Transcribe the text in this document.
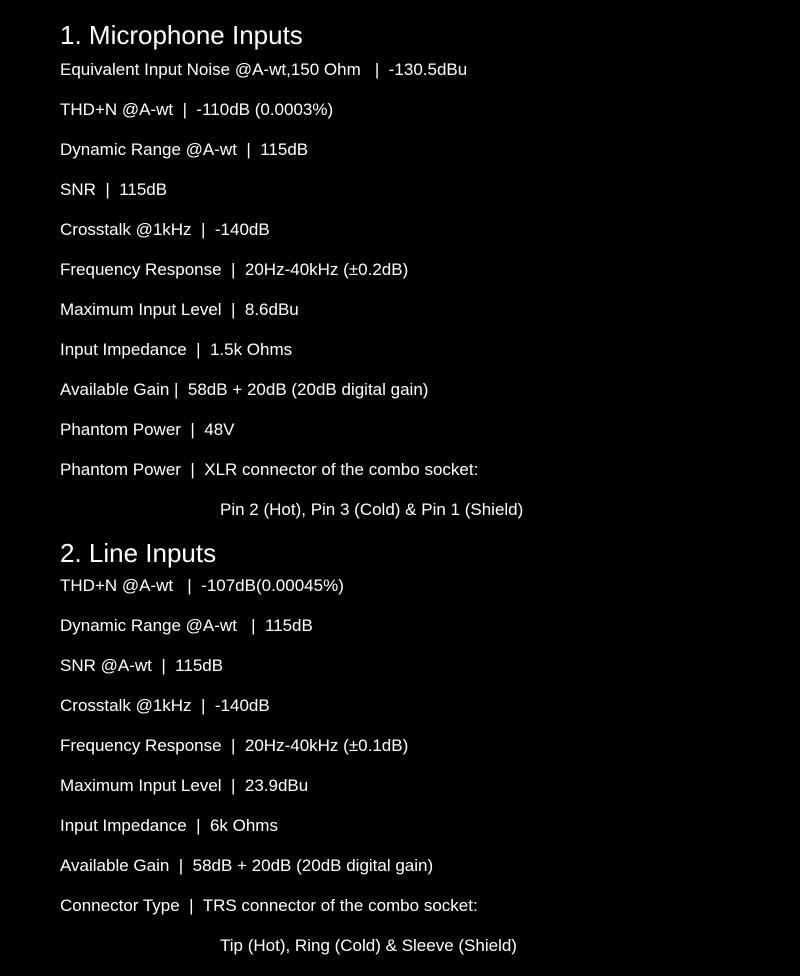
1. Microphone Inputs
Equivalent Input Noise @A-wt,150 Ohm   |  -130.5dBu
THD+N @A-wt  |  -110dB (0.0003%)
Dynamic Range @A-wt  |  115dB
SNR  |  115dB
Crosstalk @1kHz  |  -140dB
Frequency Response  |  20Hz-40kHz (±0.2dB)
Maximum Input Level  |  8.6dBu
Input Impedance  |  1.5k Ohms
Available Gain |  58dB + 20dB (20dB digital gain)
Phantom Power  |  48V
Phantom Power  |  XLR connector of the combo socket:
Pin 2 (Hot), Pin 3 (Cold) & Pin 1 (Shield)
2. Line Inputs
THD+N @A-wt   |  -107dB(0.00045%)
Dynamic Range @A-wt   |  115dB
SNR @A-wt  |  115dB
Crosstalk @1kHz  |  -140dB
Frequency Response  |  20Hz-40kHz (±0.1dB)
Maximum Input Level  |  23.9dBu
Input Impedance  |  6k Ohms
Available Gain  |  58dB + 20dB (20dB digital gain)
Connector Type  |  TRS connector of the combo socket:
Tip (Hot), Ring (Cold) & Sleeve (Shield)
